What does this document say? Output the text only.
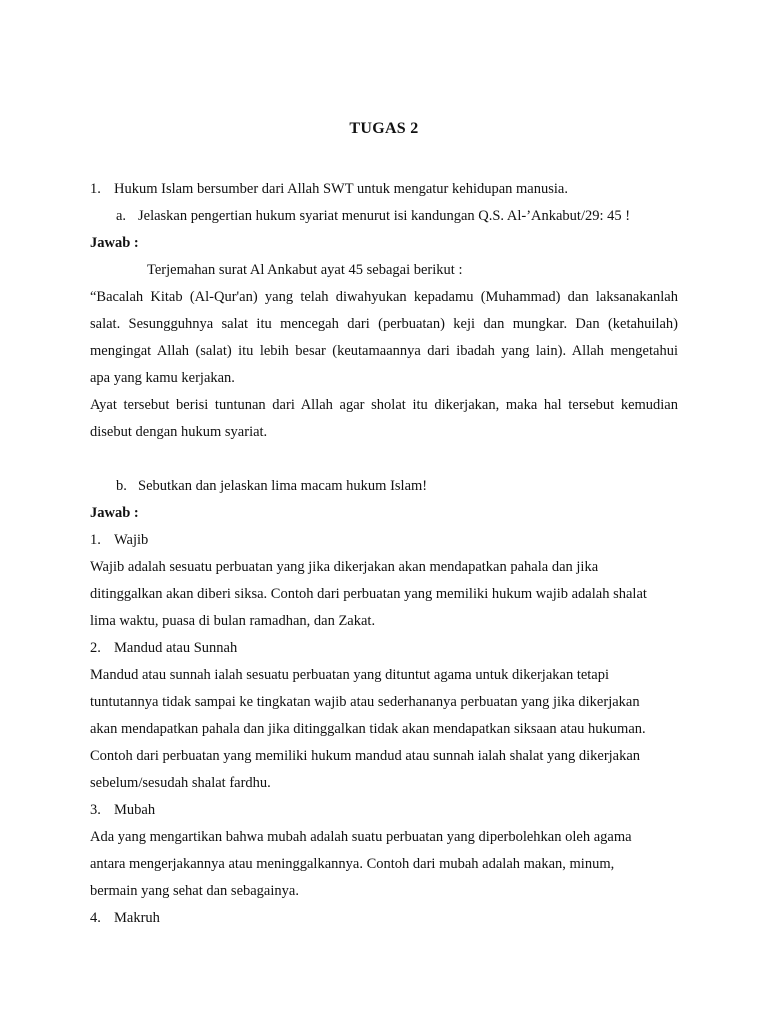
TUGAS 2

1. Hukum Islam bersumber dari Allah SWT untuk mengatur kehidupan manusia.

a. Jelaskan pengertian hukum syariat menurut isi kandungan Q.S. Al-’Ankabut/29: 45 !

Jawab :

Terjemahan surat Al Ankabut ayat 45 sebagai berikut :

“Bacalah Kitab (Al-Qur'an) yang telah diwahyukan kepadamu (Muhammad) dan laksanakanlah

salat. Sesungguhnya salat itu mencegah dari (perbuatan) keji dan mungkar. Dan (ketahuilah)

mengingat Allah (salat) itu lebih besar (keutamaannya dari ibadah yang lain). Allah mengetahui

apa yang kamu kerjakan.

Ayat tersebut berisi tuntunan dari Allah agar sholat itu dikerjakan, maka hal tersebut kemudian

disebut dengan hukum syariat.

b. Sebutkan dan jelaskan lima macam hukum Islam!

Jawab :

1. Wajib

Wajib adalah sesuatu perbuatan yang jika dikerjakan akan mendapatkan pahala dan jika

ditinggalkan akan diberi siksa. Contoh dari perbuatan yang memiliki hukum wajib adalah shalat

lima waktu, puasa di bulan ramadhan, dan Zakat.

2. Mandud atau Sunnah

Mandud atau sunnah ialah sesuatu perbuatan yang dituntut agama untuk dikerjakan tetapi

tuntutannya tidak sampai ke tingkatan wajib atau sederhananya perbuatan yang jika dikerjakan

akan mendapatkan pahala dan jika ditinggalkan tidak akan mendapatkan siksaan atau hukuman.

Contoh dari perbuatan yang memiliki hukum mandud atau sunnah ialah shalat yang dikerjakan

sebelum/sesudah shalat fardhu.

3. Mubah

Ada yang mengartikan bahwa mubah adalah suatu perbuatan yang diperbolehkan oleh agama

antara mengerjakannya atau meninggalkannya. Contoh dari mubah adalah makan, minum,

bermain yang sehat dan sebagainya.

4. Makruh
